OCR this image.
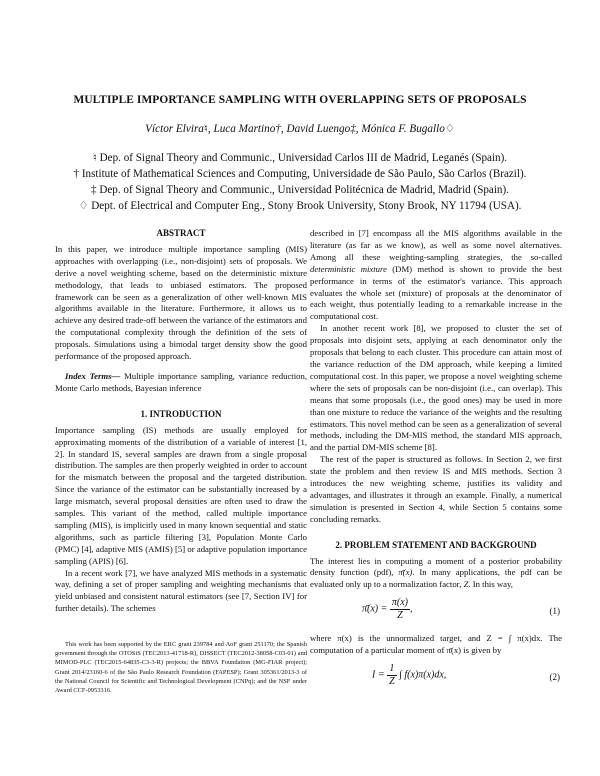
MULTIPLE IMPORTANCE SAMPLING WITH OVERLAPPING SETS OF PROPOSALS
Víctor Elvira♮, Luca Martino†, David Luengo‡, Mónica F. Bugallo♢
♮ Dep. of Signal Theory and Communic., Universidad Carlos III de Madrid, Leganés (Spain).
† Institute of Mathematical Sciences and Computing, Universidade de São Paulo, São Carlos (Brazil).
‡ Dep. of Signal Theory and Communic., Universidad Politécnica de Madrid, Madrid (Spain).
♢ Dept. of Electrical and Computer Eng., Stony Brook University, Stony Brook, NY 11794 (USA).
ABSTRACT

In this paper, we introduce multiple importance sampling (MIS) approaches with overlapping (i.e., non-disjoint) sets of proposals. We derive a novel weighting scheme, based on the deterministic mixture methodology, that leads to unbiased estimators. The proposed framework can be seen as a generalization of other well-known MIS algorithms available in the literature. Furthermore, it allows us to achieve any desired trade-off between the variance of the estimators and the computational complexity through the definition of the sets of proposals. Simulations using a bimodal target density show the good performance of the proposed approach.

Index Terms— Multiple importance sampling, variance reduction, Monte Carlo methods, Bayesian inference
1. INTRODUCTION

Importance sampling (IS) methods are usually employed for approximating moments of the distribution of a variable of interest [1, 2]. In standard IS, several samples are drawn from a single proposal distribution. The samples are then properly weighted in order to account for the mismatch between the proposal and the targeted distribution. Since the variance of the estimator can be substantially increased by a large mismatch, several proposal densities are often used to draw the samples. This variant of the method, called multiple importance sampling (MIS), is implicitly used in many known sequential and static algorithms, such as particle filtering [3], Population Monte Carlo (PMC) [4], adaptive MIS (AMIS) [5] or adaptive population importance sampling (APIS) [6].

In a recent work [7], we have analyzed MIS methods in a systematic way, defining a set of proper sampling and weighting mechanisms that yield unbiased and consistent natural estimators (see [7, Section IV] for further details). The schemes

This work has been supported by the ERC grant 239784 and AoF grant 251170; the Spanish government through the OTOSiS (TEC2013-41718-R), DISSECT (TEC2012-38058-C03-01) and MIMOD-PLC (TEC2015-64835-C3-3-R) projects; the BBVA Foundation (MG-FIAR project); Grant 2014/23160-6 of the São Paulo Research Foundation (FAPESP); Grant 305361/2013-3 of the National Council for Scientific and Technological Development (CNPq); and the NSF under Award CCF-0953316.

described in [7] encompass all the MIS algorithms available in the literature (as far as we know), as well as some novel alternatives. Among all these weighting-sampling strategies, the so-called deterministic mixture (DM) method is shown to provide the best performance in terms of the estimator's variance. This approach evaluates the whole set (mixture) of proposals at the denominator of each weight, thus potentially leading to a remarkable increase in the computational cost.

In another recent work [8], we proposed to cluster the set of proposals into disjoint sets, applying at each denominator only the proposals that belong to each cluster. This procedure can attain most of the variance reduction of the DM approach, while keeping a limited computational cost. In this paper, we propose a novel weighting scheme where the sets of proposals can be non-disjoint (i.e., can overlap). This means that some proposals (i.e., the good ones) may be used in more than one mixture to reduce the variance of the weights and the resulting estimators. This novel method can be seen as a generalization of several methods, including the DM-MIS method, the standard MIS approach, and the partial DM-MIS scheme [8].

The rest of the paper is structured as follows. In Section 2, we first state the problem and then review IS and MIS methods. Section 3 introduces the new weighting scheme, justifies its validity and advantages, and illustrates it through an example. Finally, a numerical simulation is presented in Section 4, while Section 5 contains some concluding remarks.

2. PROBLEM STATEMENT AND BACKGROUND

The interest lies in computing a moment of a posterior probability density function (pdf), π̄(x). In many applications, the pdf can be evaluated only up to a normalization factor, Z. In this way,

π̄(x) = $\frac{\pi(x)}{Z}$ ,	(1)

where π(x) is the unnormalized target, and Z = ∫ π(x)dx. The computation of a particular moment of π̄(x) is given by

$I = \frac{1}{Z}$ ∫ f(x)π(x)dx,	(2)
